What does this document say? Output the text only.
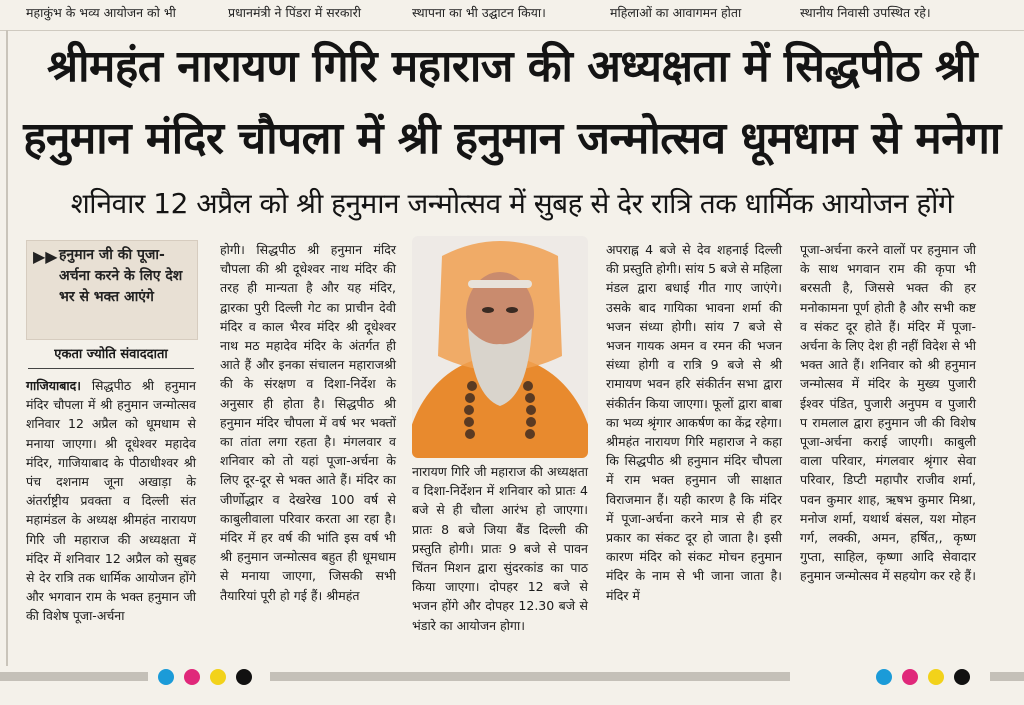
महाकुंभ के भव्य आयोजन को भी	प्रधानमंत्री ने पिंडरा में सरकारी	स्थापना का भी उद्घाटन किया।	महिलाओं का आवागमन होता	स्थानीय निवासी उपस्थित रहे।
श्रीमहंत नारायण गिरि महाराज की अध्यक्षता में सिद्धपीठ श्री
हनुमान मंदिर चौपला में श्री हनुमान जन्मोत्सव धूमधाम से मनेगा
शनिवार 12 अप्रैल को श्री हनुमान जन्मोत्सव में सुबह से देर रात्रि तक धार्मिक आयोजन होंगे
▶▶ हनुमान जी की पूजा-अर्चना करने के लिए देश भर से भक्त आएंगे
एकता ज्योति संवाददाता

गाजियाबाद। सिद्धपीठ श्री हनुमान मंदिर चौपला में श्री हनुमान जन्मोत्सव शनिवार 12 अप्रैल को धूमधाम से मनाया जाएगा। श्री दूधेश्वर महादेव मंदिर, गाजियाबाद के पीठाधीश्वर श्री पंच दशनाम जूना अखाड़ा के अंतर्राष्ट्रीय प्रवक्ता व दिल्ली संत महामंडल के अध्यक्ष श्रीमहंत नारायण गिरि जी महाराज की अध्यक्षता में मंदिर में शनिवार 12 अप्रैल को सुबह से देर रात्रि तक धार्मिक आयोजन होंगे और भगवान राम के भक्त हनुमान जी की विशेष पूजा-अर्चना

होगी। सिद्धपीठ श्री हनुमान मंदिर चौपला की श्री दूधेश्वर नाथ मंदिर की तरह ही मान्यता है और यह मंदिर, द्वारका पुरी दिल्ली गेट का प्राचीन देवी मंदिर व काल भैरव मंदिर श्री दूधेश्वर नाथ मठ महादेव मंदिर के अंतर्गत ही आते हैं और इनका संचालन महाराजश्री की के संरक्षण व दिशा-निर्देश के अनुसार ही होता है। सिद्धपीठ श्री हनुमान मंदिर चौपला में वर्ष भर भक्तों का तांता लगा रहता है। मंगलवार व शनिवार को तो यहां पूजा-अर्चना के लिए दूर-दूर से भक्त आते हैं। मंदिर का जीर्णोद्धार व देखरेख 100 वर्ष से काबुलीवाला परिवार करता आ रहा है। मंदिर में हर वर्ष की भांति इस वर्ष भी श्री हनुमान जन्मोत्सव बहुत ही धूमधाम से मनाया जाएगा, जिसकी सभी तैयारियां पूरी हो गई हैं। श्रीमहंत

नारायण गिरि जी महाराज की अध्यक्षता व दिशा-निर्देशन में शनिवार को प्रातः 4 बजे से ही चौला आरंभ हो जाएगा। प्रातः 8 बजे जिया बैंड दिल्ली की प्रस्तुति होगी। प्रातः 9 बजे से पावन चिंतन मिशन द्वारा सुंदरकांड का पाठ किया जाएगा। दोपहर 12 बजे से भजन होंगे और दोपहर 12.30 बजे से भंडारे का आयोजन होगा।

अपराह्न 4 बजे से देव शहनाई दिल्ली की प्रस्तुति होगी। सांय 5 बजे से महिला मंडल द्वारा बधाई गीत गाए जाएंगे। उसके बाद गायिका भावना शर्मा की भजन संध्या होगी। सांय 7 बजे से भजन गायक अमन व रमन की भजन संध्या होगी व रात्रि 9 बजे से श्री रामायण भवन हरि संकीर्तन सभा द्वारा संकीर्तन किया जाएगा। फूलों द्वारा बाबा का भव्य श्रृंगार आकर्षण का केंद्र रहेगा। श्रीमहंत नारायण गिरि महाराज ने कहा कि सिद्धपीठ श्री हनुमान मंदिर चौपला में राम भक्त हनुमान जी साक्षात विराजमान हैं। यही कारण है कि मंदिर में पूजा-अर्चना करने मात्र से ही हर प्रकार का संकट दूर हो जाता है। इसी कारण मंदिर को संकट मोचन हनुमान मंदिर के नाम से भी जाना जाता है। मंदिर में

पूजा-अर्चना करने वालों पर हनुमान जी के साथ भगवान राम की कृपा भी बरसती है, जिससे भक्त की हर मनोकामना पूर्ण होती है और सभी कष्ट व संकट दूर होते हैं। मंदिर में पूजा-अर्चना के लिए देश ही नहीं विदेश से भी भक्त आते हैं। शनिवार को श्री हनुमान जन्मोत्सव में मंदिर के मुख्य पुजारी ईश्वर पंडित, पुजारी अनुपम व पुजारी प रामलाल द्वारा हनुमान जी की विशेष पूजा-अर्चना कराई जाएगी। काबुली वाला परिवार, मंगलवार श्रृंगार सेवा परिवार, डिप्टी महापौर राजीव शर्मा, पवन कुमार शाह, ऋषभ कुमार मिश्रा, मनोज शर्मा, यथार्थ बंसल, यश मोहन गर्ग, लक्की, अमन, हर्षित,, कृष्ण गुप्ता, साहिल, कृष्णा आदि सेवादार हनुमान जन्मोत्सव में सहयोग कर रहे हैं।
